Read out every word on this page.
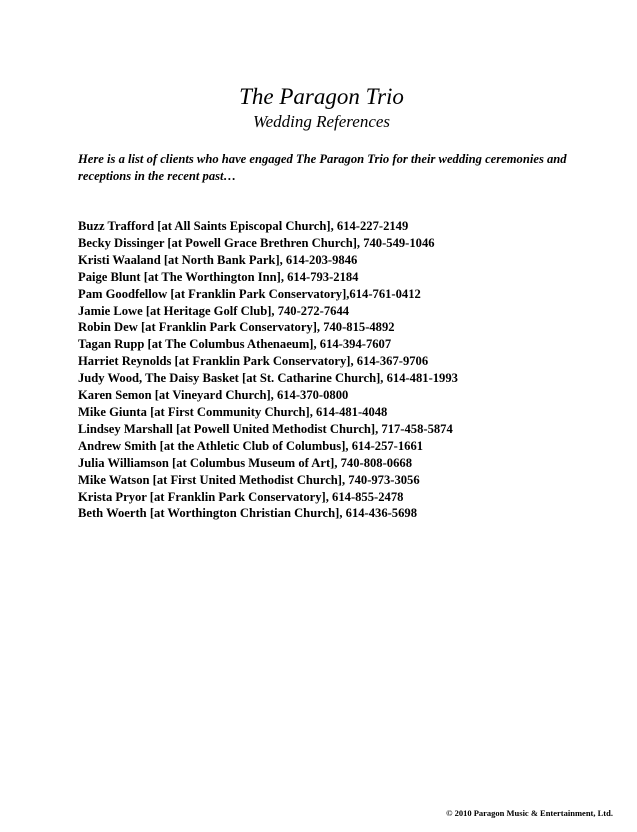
The Paragon Trio
Wedding References

Here is a list of clients who have engaged The Paragon Trio for their wedding ceremonies and receptions in the recent past…

Buzz Trafford [at All Saints Episcopal Church], 614-227-2149
Becky Dissinger [at Powell Grace Brethren Church], 740-549-1046
Kristi Waaland [at North Bank Park], 614-203-9846
Paige Blunt [at The Worthington Inn], 614-793-2184
Pam Goodfellow [at Franklin Park Conservatory],614-761-0412
Jamie Lowe [at Heritage Golf Club], 740-272-7644
Robin Dew [at Franklin Park Conservatory], 740-815-4892
Tagan Rupp [at The Columbus Athenaeum], 614-394-7607
Harriet Reynolds [at Franklin Park Conservatory], 614-367-9706
Judy Wood, The Daisy Basket [at St. Catharine Church], 614-481-1993
Karen Semon [at Vineyard Church], 614-370-0800
Mike Giunta [at First Community Church], 614-481-4048
Lindsey Marshall [at Powell United Methodist Church], 717-458-5874
Andrew Smith [at the Athletic Club of Columbus], 614-257-1661
Julia Williamson [at Columbus Museum of Art], 740-808-0668
Mike Watson [at First United Methodist Church], 740-973-3056
Krista Pryor [at Franklin Park Conservatory], 614-855-2478
Beth Woerth [at Worthington Christian Church], 614-436-5698
© 2010 Paragon Music & Entertainment, Ltd.
